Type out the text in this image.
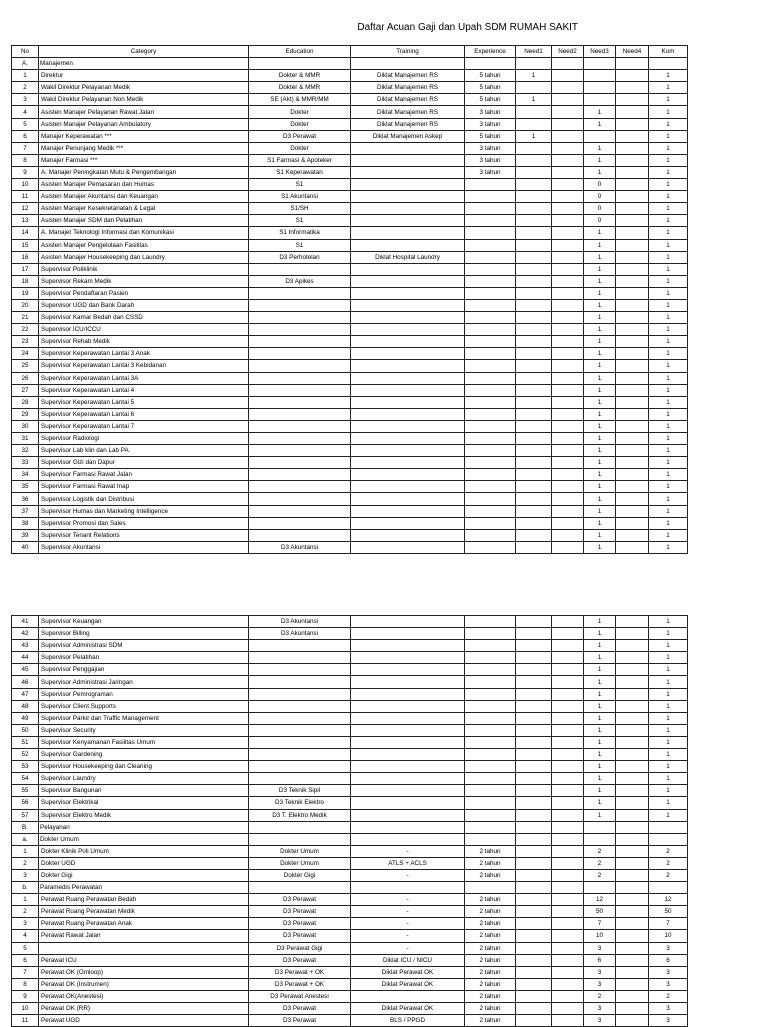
Daftar Acuan Gaji dan Upah SDM RUMAH SAKIT
No	Category	Education	Training	Experience	Need1	Need2	Need3	Need4	Kum
A.	Manajemen								
1	Direktur	Dokter & MMR	Diklat Manajemen RS	5 tahun	1				1
2	Wakil Direktur Pelayanan Medik	Dokter & MMR	Diklat Manajemen RS	5 tahun					1
3	Wakil Direktur Pelayanan Non Medik	SE (Akt) & MMR/MM	Diklat Manajemen RS	5 tahun	1				1
4	Asisten Manajer Pelayanan Rawat Jalan	Dokter	Diklat Manajemen RS	3 tahun			1		1
5	Asisten Manajer Pelayanan Ambulatory	Dokter	Diklat Manajemen RS	3 tahun			1		1
6	Manajer Keperawatan ***	D3 Perawat	Diklat Manajemen Askep	5 tahun	1				1
7	Manajer Penunjang Medik ***	Dokter		3 tahun			1		1
8	Manajer Farmasi ***	S1 Farmasi & Apoteker		3 tahun			1		1
9	A. Manajer Peningkatan Mutu & Pengembangan	S1 Keperawatan		3 tahun			1		1
10	Asisten Manajer Pemasaran dan Humas	S1					0		1
11	Asisten Manajer Akuntansi dan Keuangan	S1 Akuntansi					0		1
12	Asisten Manajer Kesekretariatan & Legal	S1/SH					0		1
13	Asisten Manajer SDM dan Pelatihan	S1					0		1
14	A. Manajer Teknologi Informasi dan Komunikasi	S1 Informatika					1		1
15	Asisten Manajer Pengelolaan Fasilitas	S1					1		1
16	Asisten Manajer Housekeeping dan Laundry	D3 Perhotelan	Diklat Hospital Laundry				1		1
17	Supervisor Poliklinik						1		1
18	Supervisor Rekam Medik	D3 Apikes					1		1
19	Supervisor Pendaftaran Pasien						1		1
20	Supervisor UGD dan Bank Darah						1		1
21	Supervisor Kamar Bedah dan CSSD						1		1
22	Supervisor ICU/ICCU						1		1
23	Supervisor Rehab Medik						1		1
24	Supervisor Keperawatan Lantai 3 Anak						1		1
25	Supervisor Keperawatan Lantai 3 Kebidanan						1		1
26	Supervisor Keperawatan Lantai 3A						1		1
27	Supervisor Keperawatan Lantai 4						1		1
28	Supervisor Keperawatan Lantai 5						1		1
29	Supervisor Keperawatan Lantai 6						1		1
30	Supervisor Keperawatan Lantai 7						1		1
31	Supervisor Radiologi						1		1
32	Supervisor Lab klin dan Lab PA						1		1
33	Supervisor Gizi dan Dapur						1		1
34	Supervisor Farmasi Rawat Jalan						1		1
35	Supervisor Farmasi Rawat Inap						1		1
36	Supervisor Logistik dan Distribusi						1		1
37	Supervisor Humas dan Marketing Intelligence						1		1
38	Supervisor Promosi dan Sales						1		1
39	Supervisor Tenant Relations						1		1
40	Supervisor Akuntansi	D3 Akuntansi					1		1
41	Supervisor Keuangan	D3 Akuntansi					1		1
42	Supervisor Billing	D3 Akuntansi					1		1
43	Supervisor Administrasi SDM						1		1
44	Supervisor Pelatihan						1		1
45	Supervisor Penggajian						1		1
46	Supervisor Administrasi Jaringan						1		1
47	Supervisor Pemrograman						1		1
48	Supervisor Client Supports						1		1
49	Supervisor Parkir dan Traffic Management						1		1
50	Supervisor Security						1		1
51	Supervisor Kenyamanan Fasilitas Umum						1		1
52	Supervisor Gardening						1		1
53	Supervisor Housekeeping dan Cleaning						1		1
54	Supervisor Laundry						1		1
55	Supervisor Bangunan	D3 Teknik Sipil					1		1
56	Supervisor Elektrikal	D3 Teknik Elektro					1		1
57	Supervisor Elektro Medik	D3 T. Elektro Medik					1		1
B.	Pelayanan								
a.	Dokter Umum								
1	Dokter Klinik Poli Umum	Dokter Umum	-	2 tahun			2		2
2	Dokter UGD	Dokter Umum	ATLS + ACLS	2 tahun			2		2
3	Dokter Gigi	Dokter Gigi	-	2 tahun			2		2
b.	Paramedis Perawatan								
1	Perawat Ruang Perawatan Bedah	D3 Perawat	-	2 tahun			12		12
2	Perawat Ruang Perawatan Medik	D3 Perawat	-	2 tahun			50		50
3	Perawat Ruang Perawatan Anak	D3 Perawat	-	2 tahun			7		7
4	Perawat Rawat Jalan	D3 Perawat	-	2 tahun			10		10
5		D3 Perawat Gigi	-	2 tahun			3		3
6	Perawat ICU	D3 Perawat	Diklat ICU / NICU	2 tahun			6		6
7	Perawat OK (Omloop)	D3 Perawat + OK	Diklat Perawat OK	2 tahun			3		3
8	Perawat OK (Instrumen)	D3 Perawat + OK	Diklat Perawat OK	2 tahun			3		3
9	Perawat OK(Anestesi)	D3 Perawat Anestesi		2 tahun			2		2
10	Perawat OK (RR)	D3 Perawat	Diklat Perawat OK	2 tahun			3		3
11	Perawat UGD	D3 Perawat	BLS / PPGD	2 tahun			3		3
